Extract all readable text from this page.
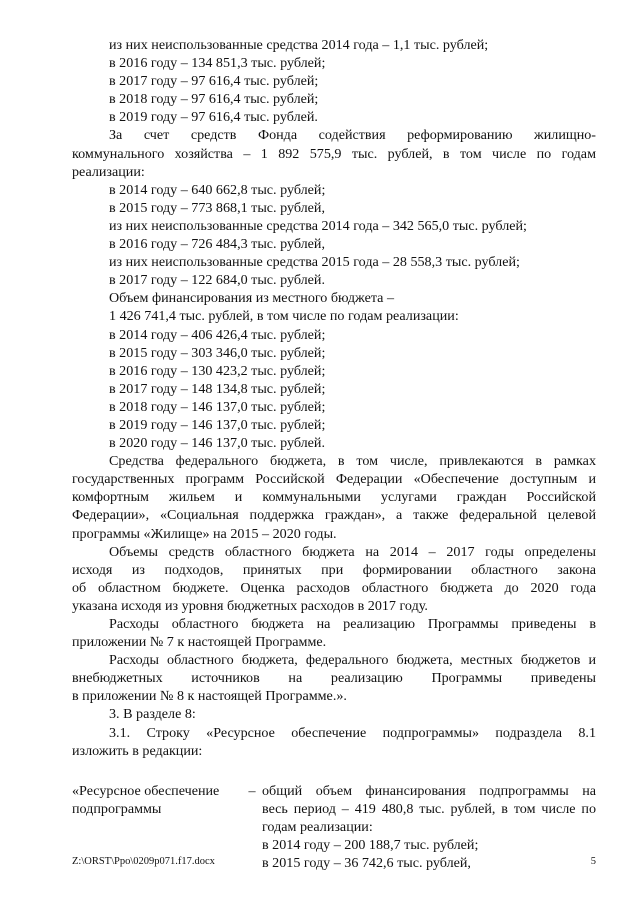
из них неиспользованные средства 2014 года – 1,1 тыс. рублей;
в 2016 году – 134 851,3 тыс. рублей;
в 2017 году – 97 616,4 тыс. рублей;
в 2018 году – 97 616,4 тыс. рублей;
в 2019 году – 97 616,4 тыс. рублей.
За счет средств Фонда содействия реформированию жилищно-
коммунального хозяйства – 1 892 575,9 тыс. рублей, в том числе по годам
реализации:
в 2014 году – 640 662,8 тыс. рублей;
в 2015 году – 773 868,1 тыс. рублей,
из них неиспользованные средства 2014 года – 342 565,0 тыс. рублей;
в 2016 году – 726 484,3 тыс. рублей,
из них неиспользованные средства 2015 года – 28 558,3 тыс. рублей;
в 2017 году – 122 684,0 тыс. рублей.
Объем финансирования из местного бюджета –
1 426 741,4 тыс. рублей, в том числе по годам реализации:
в 2014 году – 406 426,4 тыс. рублей;
в 2015 году – 303 346,0 тыс. рублей;
в 2016 году – 130 423,2 тыс. рублей;
в 2017 году – 148 134,8 тыс. рублей;
в 2018 году – 146 137,0 тыс. рублей;
в 2019 году – 146 137,0 тыс. рублей;
в 2020 году – 146 137,0 тыс. рублей.
Средства федерального бюджета, в том числе, привлекаются в рамках
государственных программ Российской Федерации «Обеспечение доступным и
комфортным жильем и коммунальными услугами граждан Российской
Федерации», «Социальная поддержка граждан», а также федеральной целевой
программы «Жилище» на 2015 – 2020 годы.
Объемы средств областного бюджета на 2014 – 2017 годы определены
исходя из подходов, принятых при формировании областного закона
об областном бюджете. Оценка расходов областного бюджета до 2020 года
указана исходя из уровня бюджетных расходов в 2017 году.
Расходы областного бюджета на реализацию Программы приведены в
приложении № 7 к настоящей Программе.
Расходы областного бюджета, федерального бюджета, местных бюджетов и
внебюджетных источников на реализацию Программы приведены
в приложении № 8 к настоящей Программе.».
3. В разделе 8:
3.1. Строку «Ресурсное обеспечение подпрограммы» подраздела 8.1
изложить в редакции:
«Ресурсное обеспечение
подпрограммы
– общий объем финансирования подпрограммы на
весь период – 419 480,8 тыс. рублей, в том числе по
годам реализации:
в 2014 году – 200 188,7 тыс. рублей;
в 2015 году – 36 742,6 тыс. рублей,
Z:\ORST\Ppo\0209p071.f17.docx	5
